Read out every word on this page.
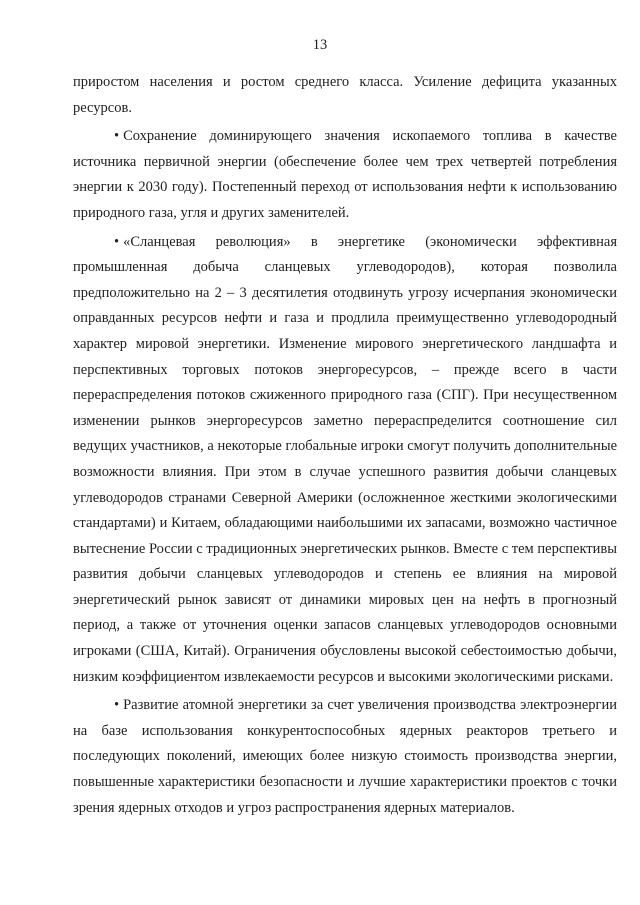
13

приростом населения и ростом среднего класса. Усиление дефицита указанных ресурсов.

• Сохранение доминирующего значения ископаемого топлива в качестве источника первичной энергии (обеспечение более чем трех четвертей потребления энергии к 2030 году). Постепенный переход от использования нефти к использованию природного газа, угля и других заменителей.

• «Сланцевая революция» в энергетике (экономически эффективная промышленная добыча сланцевых углеводородов), которая позволила предположительно на 2 – 3 десятилетия отодвинуть угрозу исчерпания экономически оправданных ресурсов нефти и газа и продлила преимущественно углеводородный характер мировой энергетики. Изменение мирового энергетического ландшафта и перспективных торговых потоков энергоресурсов, – прежде всего в части перераспределения потоков сжиженного природного газа (СПГ). При несущественном изменении рынков энергоресурсов заметно перераспределится соотношение сил ведущих участников, а некоторые глобальные игроки смогут получить дополнительные возможности влияния. При этом в случае успешного развития добычи сланцевых углеводородов странами Северной Америки (осложненное жесткими экологическими стандартами) и Китаем, обладающими наибольшими их запасами, возможно частичное вытеснение России с традиционных энергетических рынков. Вместе с тем перспективы развития добычи сланцевых углеводородов и степень ее влияния на мировой энергетический рынок зависят от динамики мировых цен на нефть в прогнозный период, а также от уточнения оценки запасов сланцевых углеводородов основными игроками (США, Китай). Ограничения обусловлены высокой себестоимостью добычи, низким коэффициентом извлекаемости ресурсов и высокими экологическими рисками.

• Развитие атомной энергетики за счет увеличения производства электроэнергии на базе использования конкурентоспособных ядерных реакторов третьего и последующих поколений, имеющих более низкую стоимость производства энергии, повышенные характеристики безопасности и лучшие характеристики проектов с точки зрения ядерных отходов и угроз распространения ядерных материалов.
